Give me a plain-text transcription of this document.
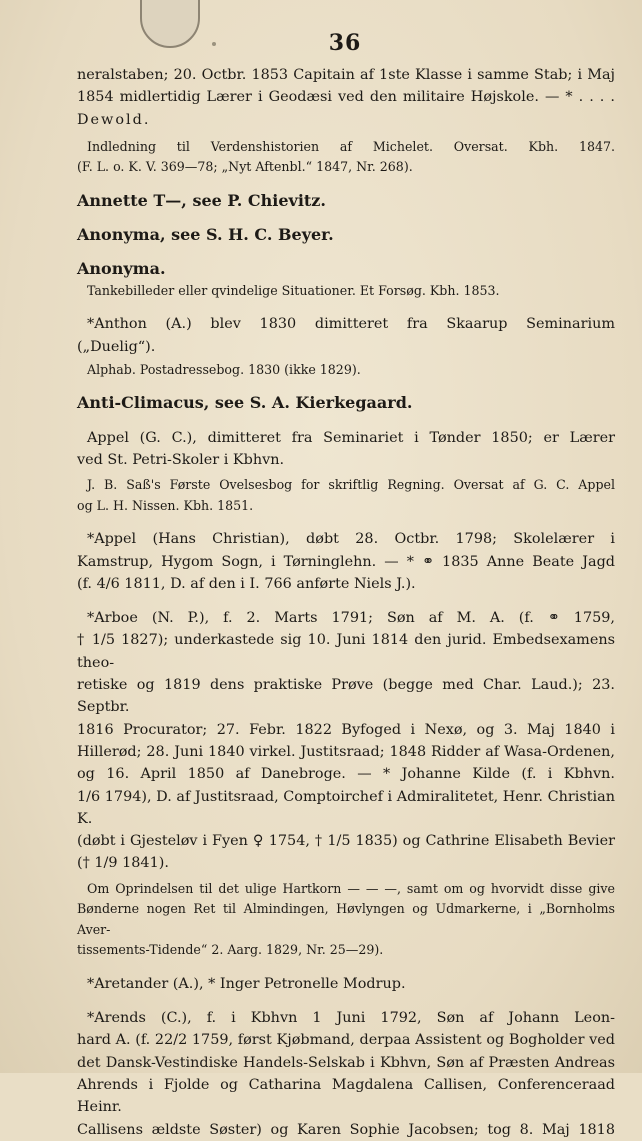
36

neralstaben; 20. Octbr. 1853 Capitain af 1ste Klasse i samme Stab; i Maj

1854 midlertidig Lærer i Geodæsi ved den militaire Højskole. — * . . . .

Dewold.

Indledning til Verdenshistorien af Michelet. Oversat. Kbh. 1847.

(F. L. o. K. V. 369—78; „Nyt Aftenbl.“ 1847, Nr. 268).

Annette T—, see P. Chievitz.

Anonyma, see S. H. C. Beyer.

Anonyma.

Tankebilleder eller qvindelige Situationer. Et Forsøg. Kbh. 1853.

*Anthon (A.) blev 1830 dimitteret fra Skaarup Seminarium

(„Duelig“).

Alphab. Postadressebog. 1830 (ikke 1829).

Anti-Climacus, see S. A. Kierkegaard.

Appel (G. C.), dimitteret fra Seminariet i Tønder 1850; er Lærer

ved St. Petri-Skoler i Kbhvn.

J. B. Saß's Første Ovelsesbog for skriftlig Regning. Oversat af G. C. Appel

og L. H. Nissen. Kbh. 1851.

*Appel (Hans Christian), døbt 28. Octbr. 1798; Skolelærer i

Kamstrup, Hygom Sogn, i Tørninglehn. — * ⚭ 1835 Anne Beate Jagd

(f. 4/6 1811, D. af den i I. 766 anførte Niels J.).

*Arboe (N. P.), f. 2. Marts 1791; Søn af M. A. (f. ⚭ 1759,

† 1/5 1827); underkastede sig 10. Juni 1814 den jurid. Embedsexamens theo-

retiske og 1819 dens praktiske Prøve (begge med Char. Laud.); 23. Septbr.

1816 Procurator; 27. Febr. 1822 Byfoged i Nexø, og 3. Maj 1840 i

Hillerød; 28. Juni 1840 virkel. Justitsraad; 1848 Ridder af Wasa-Ordenen,

og 16. April 1850 af Danebroge. — * Johanne Kilde (f. i Kbhvn.

1/6 1794), D. af Justitsraad, Comptoirchef i Admiralitetet, Henr. Christian K.

(døbt i Gjesteløv i Fyen ♀ 1754, † 1/5 1835) og Cathrine Elisabeth Bevier

(† 1/9 1841).

Om Oprindelsen til det ulige Hartkorn — — —, samt om og hvorvidt disse give

Bønderne nogen Ret til Almindingen, Høvlyngen og Udmarkerne, i „Bornholms Aver-

tissements-Tidende“ 2. Aarg. 1829, Nr. 25—29).

*Aretander (A.), * Inger Petronelle Modrup.

*Arends (C.), f. i Kbhvn 1 Juni 1792, Søn af Johann Leon-

hard A. (f. 22/2 1759, først Kjøbmand, derpaa Assistent og Bogholder ved

det Dansk-Vestindiske Handels-Selskab i Kbhvn, Søn af Præsten Andreas

Ahrends i Fjolde og Catharina Magdalena Callisen, Conferenceraad Heinr.

Callisens ældste Søster) og Karen Sophie Jacobsen; tog 8. Maj 1818
